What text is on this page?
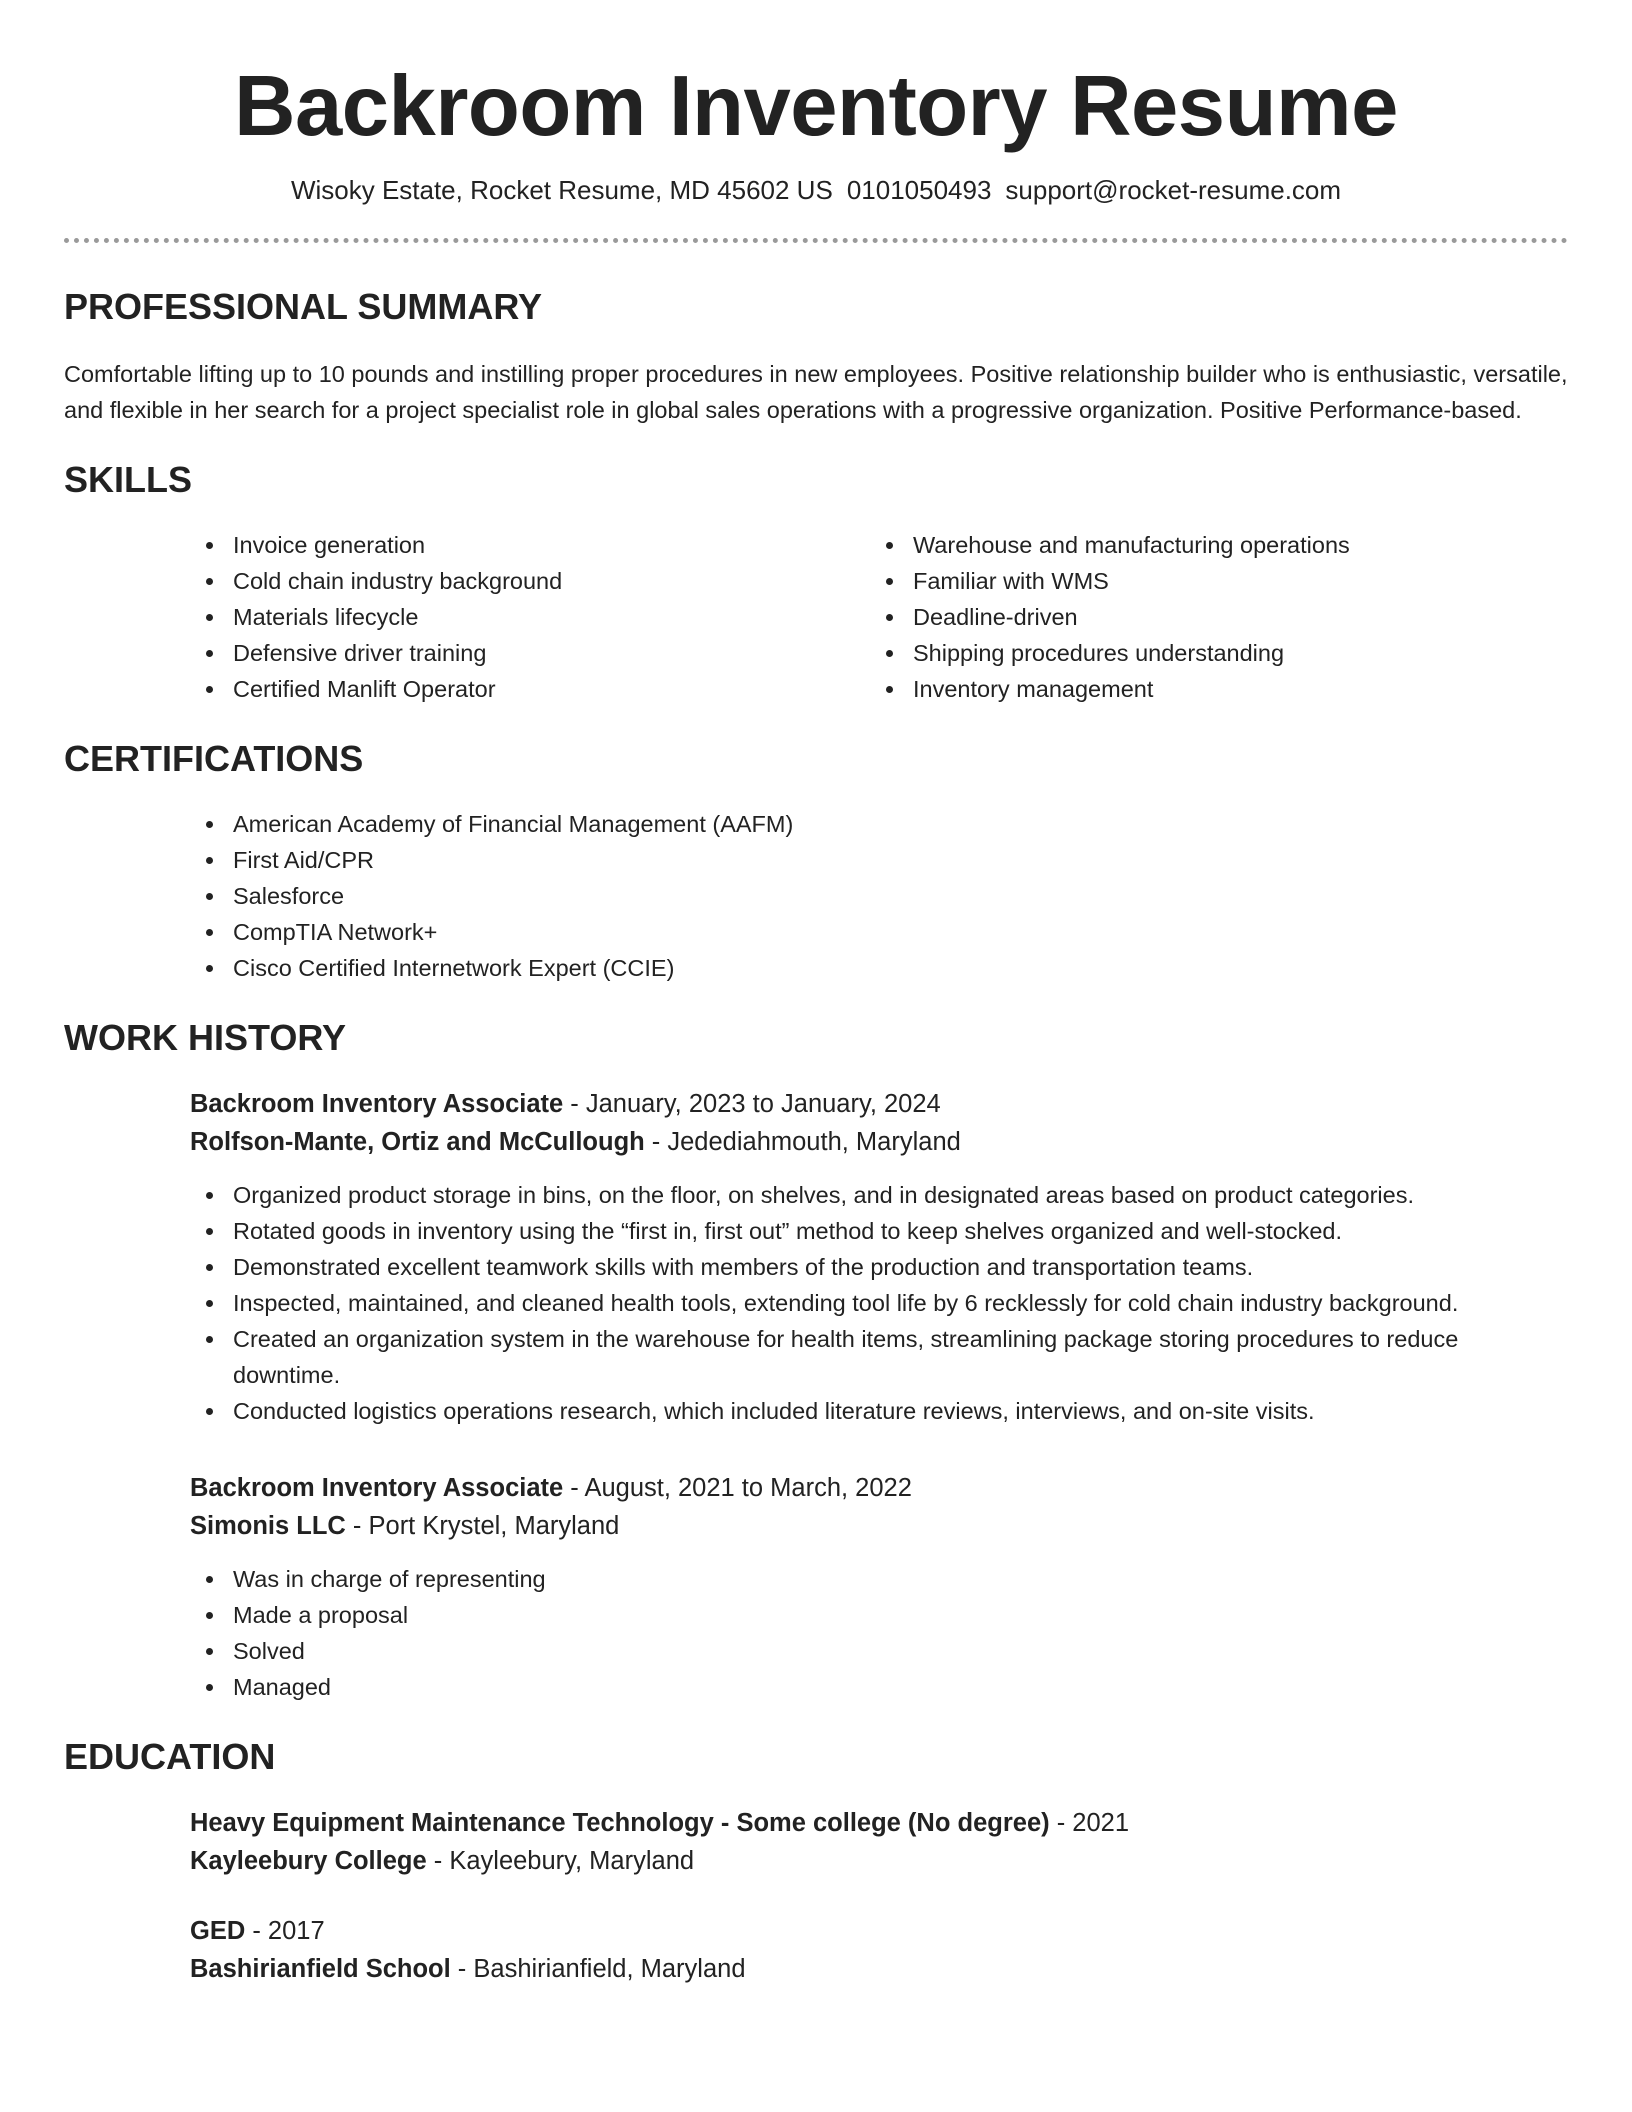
Backroom Inventory Resume
Wisoky Estate, Rocket Resume, MD 45602 US 0101050493 support@rocket-resume.com
PROFESSIONAL SUMMARY

Comfortable lifting up to 10 pounds and instilling proper procedures in new employees. Positive relationship builder who is enthusiastic, versatile, and flexible in her search for a project specialist role in global sales operations with a progressive organization. Positive Performance-based.

SKILLS
Invoice generation
Cold chain industry background
Materials lifecycle
Defensive driver training
Certified Manlift Operator
Warehouse and manufacturing operations
Familiar with WMS
Deadline-driven
Shipping procedures understanding
Inventory management
CERTIFICATIONS
American Academy of Financial Management (AAFM)
First Aid/CPR
Salesforce
CompTIA Network+
Cisco Certified Internetwork Expert (CCIE)
WORK HISTORY
Backroom Inventory Associate - January, 2023 to January, 2024
Rolfson-Mante, Ortiz and McCullough - Jedediahmouth, Maryland
Organized product storage in bins, on the floor, on shelves, and in designated areas based on product categories.
Rotated goods in inventory using the “first in, first out” method to keep shelves organized and well-stocked.
Demonstrated excellent teamwork skills with members of the production and transportation teams.
Inspected, maintained, and cleaned health tools, extending tool life by 6 recklessly for cold chain industry background.
Created an organization system in the warehouse for health items, streamlining package storing procedures to reduce downtime.
Conducted logistics operations research, which included literature reviews, interviews, and on-site visits.
Backroom Inventory Associate - August, 2021 to March, 2022
Simonis LLC - Port Krystel, Maryland
Was in charge of representing
Made a proposal
Solved
Managed
EDUCATION
Heavy Equipment Maintenance Technology - Some college (No degree) - 2021
Kayleebury College - Kayleebury, Maryland
GED - 2017
Bashirianfield School - Bashirianfield, Maryland
